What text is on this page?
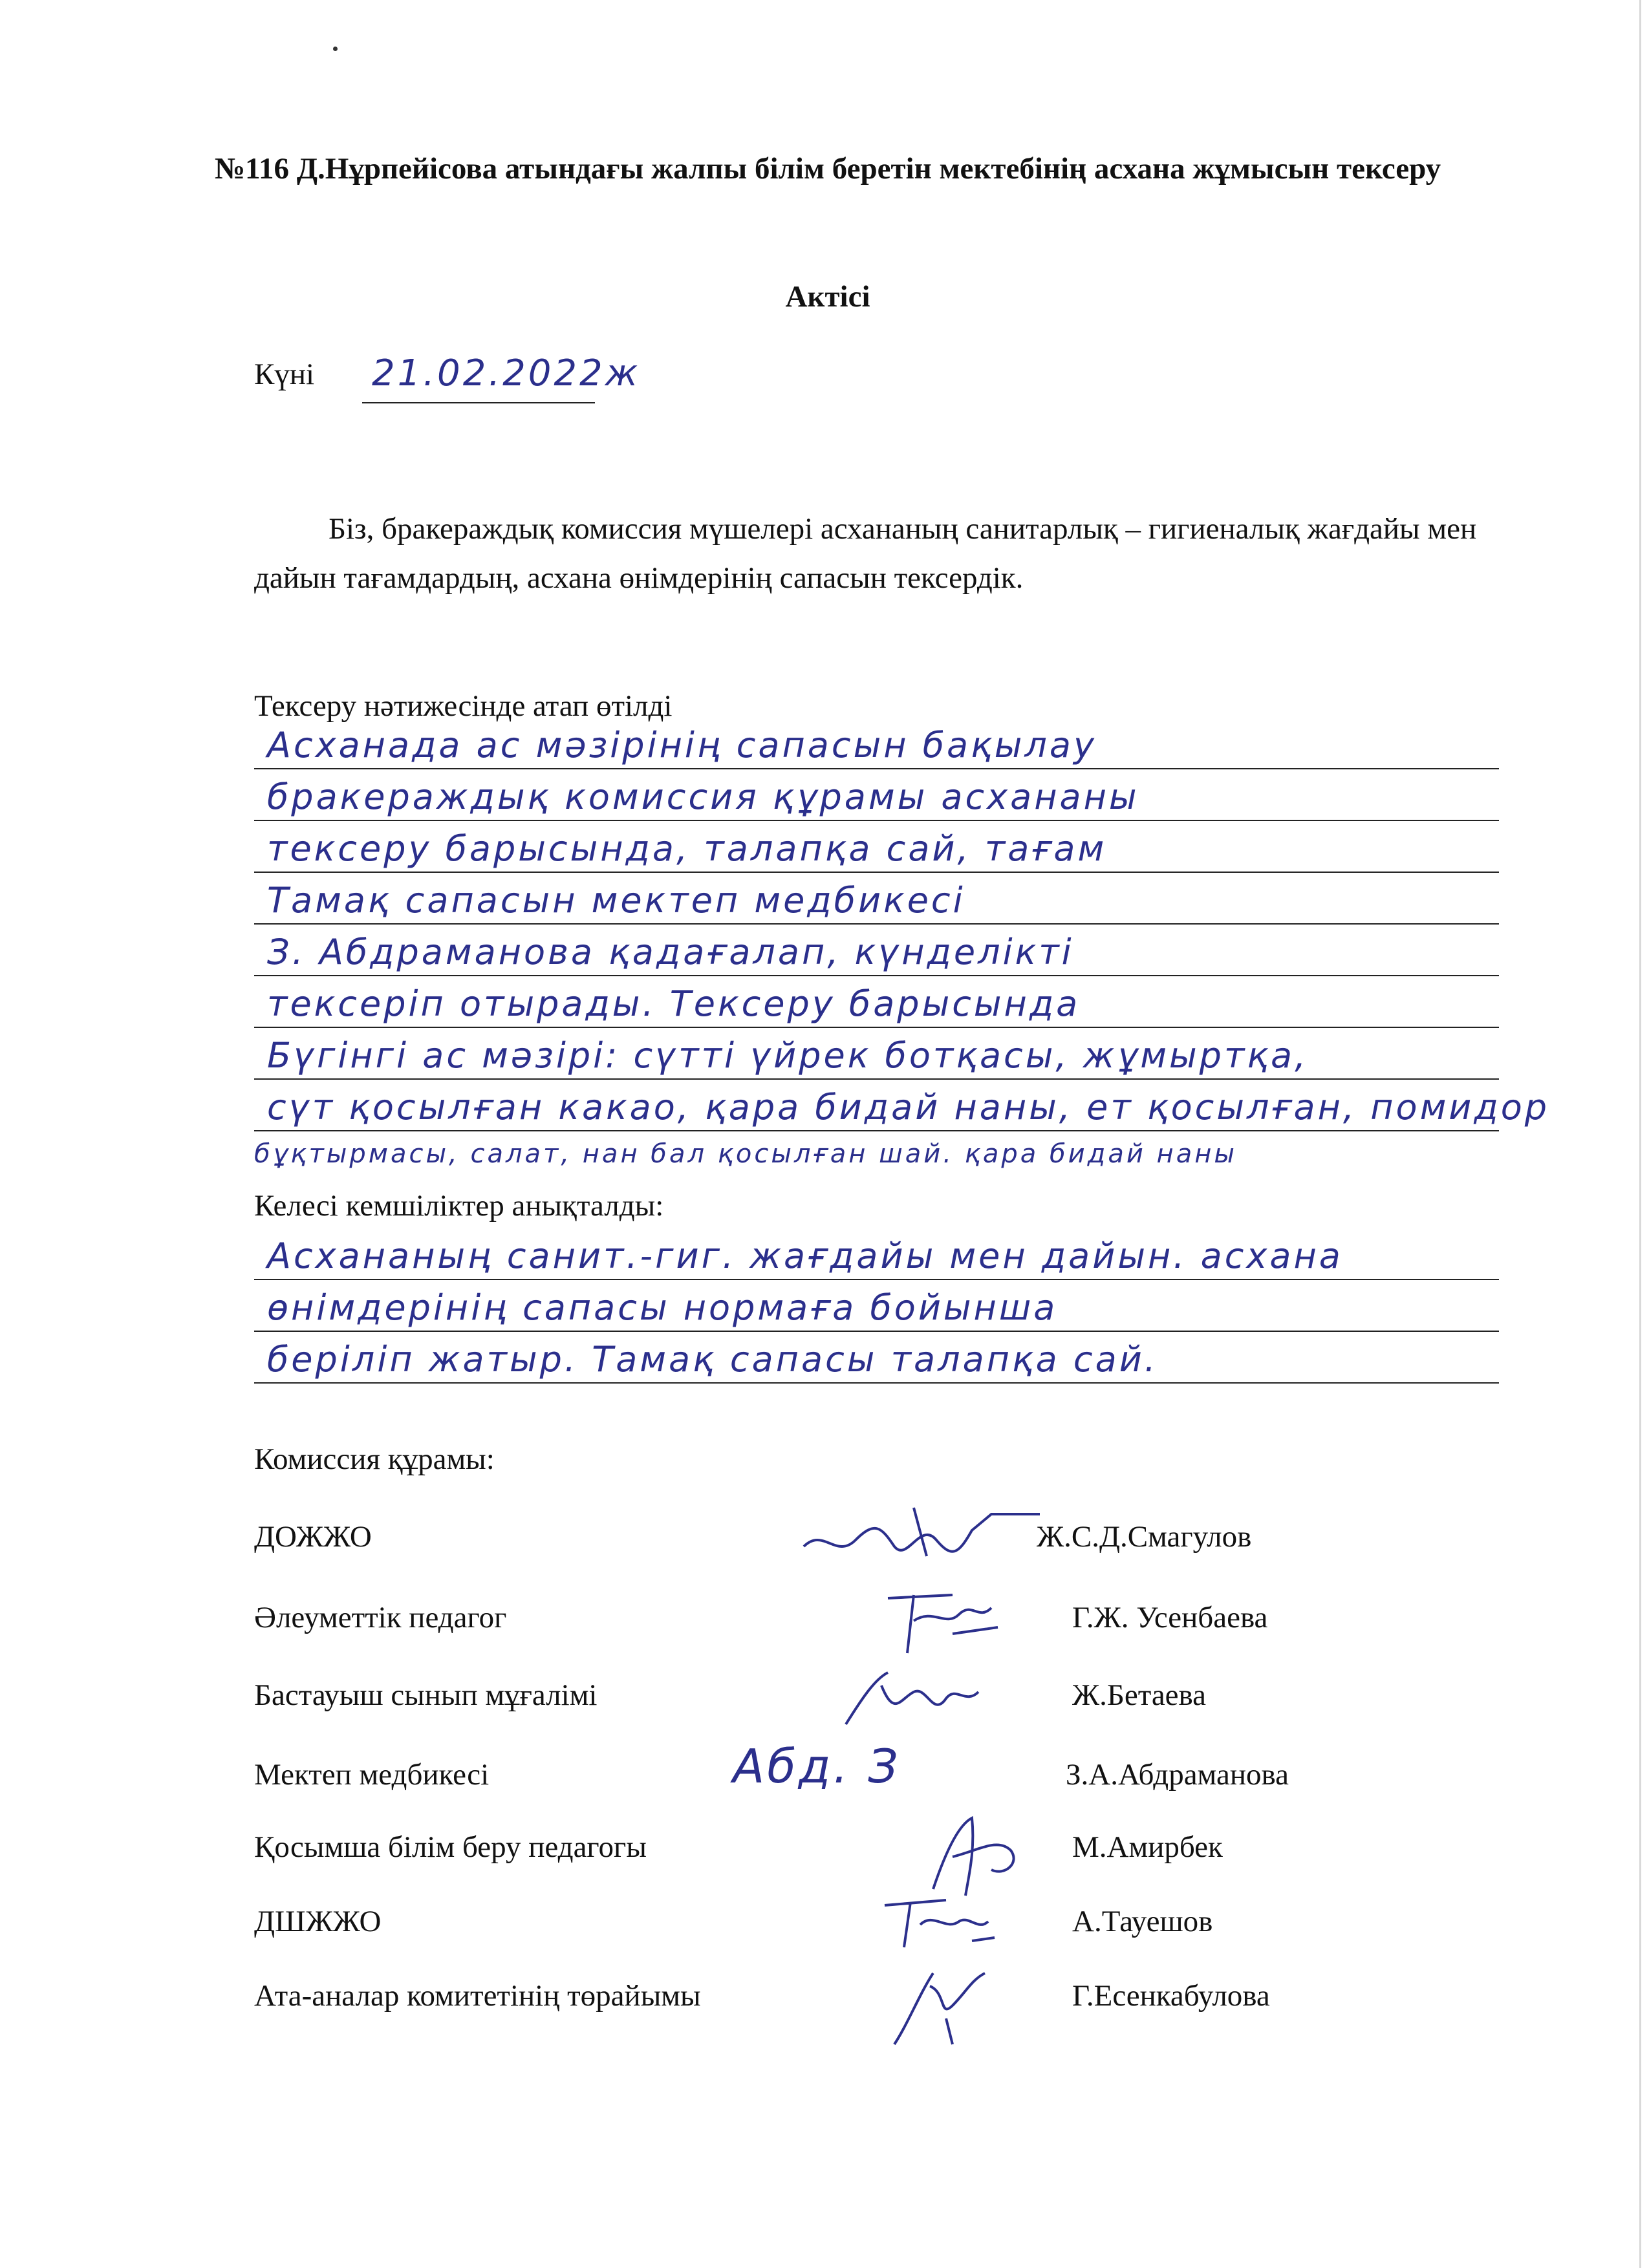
№116 Д.Нұрпейісова атындағы жалпы білім беретін мектебінің асхана жұмысын тексеру
Актісі
Күні 21.02.2022ж
Біз, бракераждық комиссия мүшелері асхананың санитарлық – гигиеналық жағдайы мен дайын тағамдардың, асхана өнімдерінің сапасын тексердік.
Тексеру нәтижесінде атап өтілді
Асханада ас мәзірінің сапасын бақылау
бракераждық комиссия құрамы асхананы
тексеру барысында, талапқа сай, тағам
Тамақ сапасын мектеп медбикесі
З. Абдраманова қадағалап, күнделікті
тексеріп отырады. Тексеру барысында
Бүгінгі ас мәзірі: сүтті үйрек ботқасы, жұмыртқа,
сүт қосылған какао, қара бидай наны, ет қосылған, помидор
бұқтырмасы, салат, нан бал қосылған шай. қара бидай наны
Келесі кемшіліктер анықталды:
Асхананың санит.-гиг. жағдайы мен дайын. асхана
өнімдерінің сапасы нормаға бойынша
беріліп жатыр. Тамақ сапасы талапқа сай.
Комиссия құрамы:
ДОЖЖО	Ж.С.Д.Смагулов
Әлеуметтік педагог	Г.Ж. Усенбаева
Бастауыш сынып мұғалімі	Ж.Бетаева
Мектеп медбикесі	Абд. З	З.А.Абдраманова
Қосымша білім беру педагогы	М.Амирбек
ДШЖЖО	А.Тауешов
Ата-аналар комитетінің төрайымы	Г.Есенкабулова
